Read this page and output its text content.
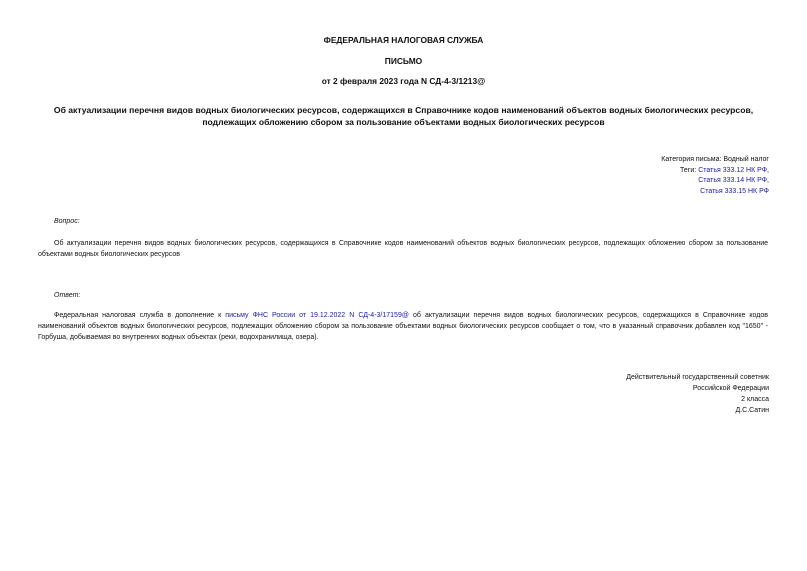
ФЕДЕРАЛЬНАЯ НАЛОГОВАЯ СЛУЖБА
ПИСЬМО
от 2 февраля 2023 года N СД-4-3/1213@
Об актуализации перечня видов водных биологических ресурсов, содержащихся в Справочнике кодов наименований объектов водных биологических ресурсов, подлежащих обложению сбором за пользование объектами водных биологических ресурсов
Категория письма: Водный налог
Теги: Статья 333.12 НК РФ,
Статья 333.14 НК РФ,
Статья 333.15 НК РФ
Вопрос:
Об актуализации перечня видов водных биологических ресурсов, содержащихся в Справочнике кодов наименований объектов водных биологических ресурсов, подлежащих обложению сбором за пользование объектами водных биологических ресурсов
Ответ:
Федеральная налоговая служба в дополнение к письму ФНС России от 19.12.2022 N СД-4-3/17159@ об актуализации перечня видов водных биологических ресурсов, содержащихся в Справочнике кодов наименований объектов водных биологических ресурсов, подлежащих обложению сбором за пользование объектами водных биологических ресурсов сообщает о том, что в указанный справочник добавлен код "1650" - Горбуша, добываемая во внутренних водных объектах (реки, водохранилища, озера).
Действительный государственный советник
Российской Федерации
2 класса
Д.С.Сатин
